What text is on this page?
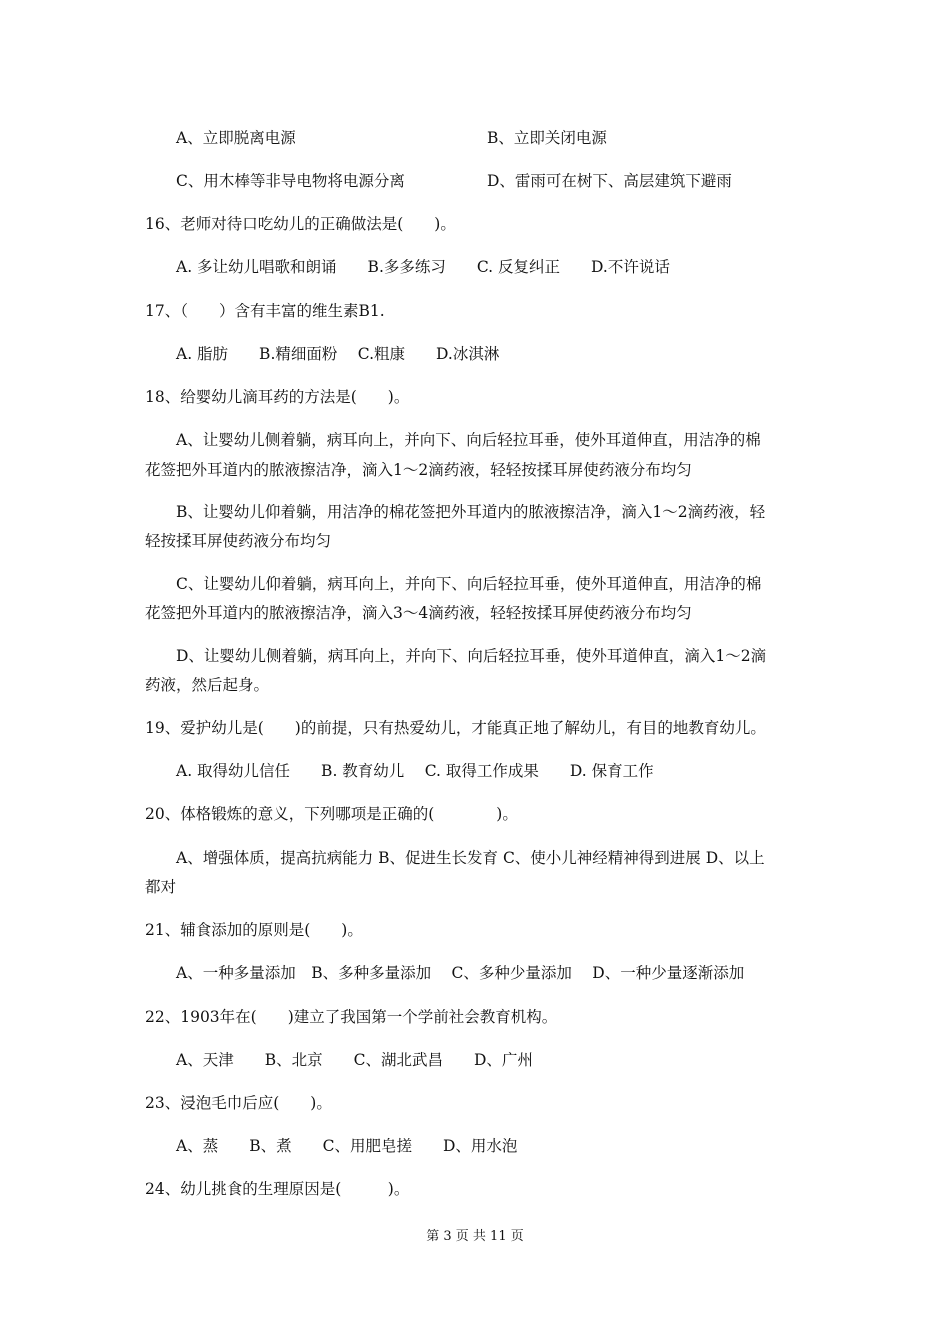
A、立即脱离电源	B、立即关闭电源
C、用木棒等非导电物将电源分离	D、雷雨可在树下、高层建筑下避雨
16、老师对待口吃幼儿的正确做法是(　　)。
A. 多让幼儿唱歌和朗诵　　B.多多练习　　C. 反复纠正　　D.不许说话
17、（　　）含有丰富的维生素B1.
A. 脂肪　　B.精细面粉　 C.粗康　　D.冰淇淋
18、给婴幼儿滴耳药的方法是(　　)。
A、让婴幼儿侧着躺，病耳向上，并向下、向后轻拉耳垂，使外耳道伸直，用洁净的棉
花签把外耳道内的脓液擦洁净，滴入1～2滴药液，轻轻按揉耳屏使药液分布均匀
B、让婴幼儿仰着躺，用洁净的棉花签把外耳道内的脓液擦洁净，滴入1～2滴药液，轻
轻按揉耳屏使药液分布均匀
C、让婴幼儿仰着躺，病耳向上，并向下、向后轻拉耳垂，使外耳道伸直，用洁净的棉
花签把外耳道内的脓液擦洁净，滴入3～4滴药液，轻轻按揉耳屏使药液分布均匀
D、让婴幼儿侧着躺，病耳向上，并向下、向后轻拉耳垂，使外耳道伸直，滴入1～2滴
药液，然后起身。
19、爱护幼儿是(　　)的前提，只有热爱幼儿，才能真正地了解幼儿，有目的地教育幼儿。
A. 取得幼儿信任　　B. 教育幼儿　 C. 取得工作成果　　D. 保育工作
20、体格锻炼的意义，下列哪项是正确的(　　　　)。
A、增强体质，提高抗病能力 B、促进生长发育 C、使小儿神经精神得到进展 D、以上
都对
21、辅食添加的原则是(　　)。
A、一种多量添加　B、多种多量添加　 C、多种少量添加　 D、一种少量逐渐添加
22、1903年在(　　)建立了我国第一个学前社会教育机构。
A、天津　　B、北京　　C、湖北武昌　　D、广州
23、浸泡毛巾后应(　　)。
A、蒸　　B、煮　　C、用肥皂搓　　D、用水泡
24、幼儿挑食的生理原因是(　　　)。
第 3 页 共 11 页
